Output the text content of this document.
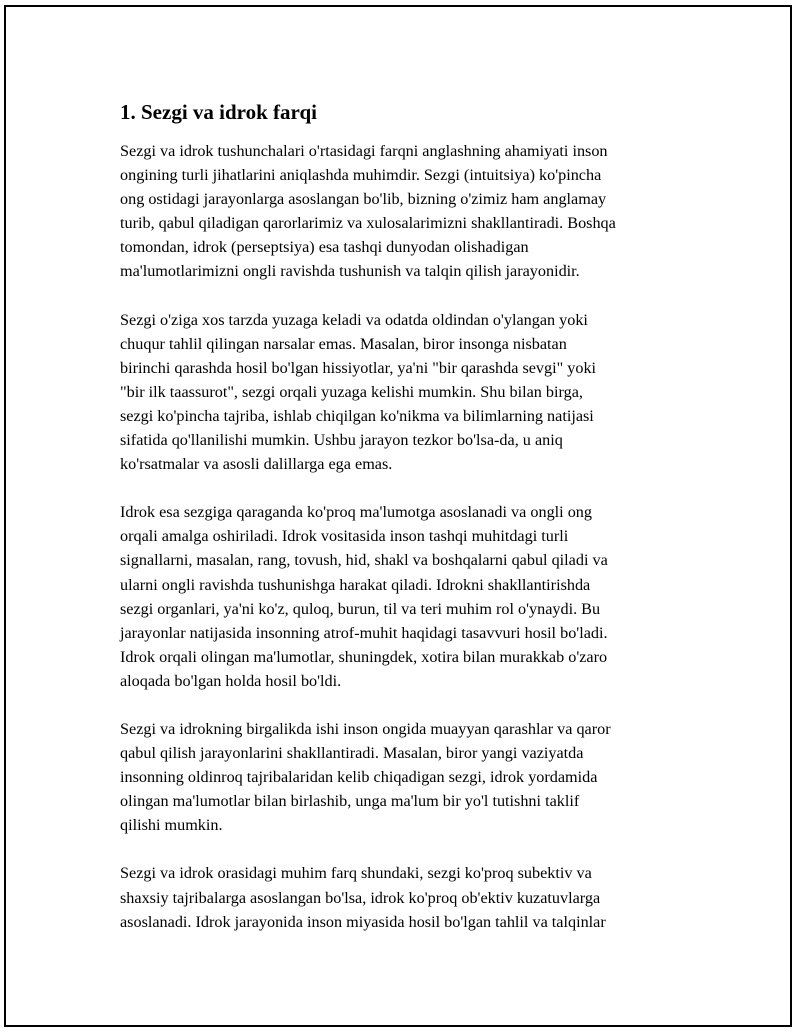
1. Sezgi va idrok farqi
Sezgi va idrok tushunchalari o'rtasidagi farqni anglashning ahamiyati inson
ongining turli jihatlarini aniqlashda muhimdir. Sezgi (intuitsiya) ko'pincha
ong ostidagi jarayonlarga asoslangan bo'lib, bizning o'zimiz ham anglamay
turib, qabul qiladigan qarorlarimiz va xulosalarimizni shakllantiradi. Boshqa
tomondan, idrok (perseptsiya) esa tashqi dunyodan olishadigan
ma'lumotlarimizni ongli ravishda tushunish va talqin qilish jarayonidir.
Sezgi o'ziga xos tarzda yuzaga keladi va odatda oldindan o'ylangan yoki
chuqur tahlil qilingan narsalar emas. Masalan, biror insonga nisbatan
birinchi qarashda hosil bo'lgan hissiyotlar, ya'ni "bir qarashda sevgi" yoki
"bir ilk taassurot", sezgi orqali yuzaga kelishi mumkin. Shu bilan birga,
sezgi ko'pincha tajriba, ishlab chiqilgan ko'nikma va bilimlarning natijasi
sifatida qo'llanilishi mumkin. Ushbu jarayon tezkor bo'lsa-da, u aniq
ko'rsatmalar va asosli dalillarga ega emas.
Idrok esa sezgiga qaraganda ko'proq ma'lumotga asoslanadi va ongli ong
orqali amalga oshiriladi. Idrok vositasida inson tashqi muhitdagi turli
signallarni, masalan, rang, tovush, hid, shakl va boshqalarni qabul qiladi va
ularni ongli ravishda tushunishga harakat qiladi. Idrokni shakllantirishda
sezgi organlari, ya'ni ko'z, quloq, burun, til va teri muhim rol o'ynaydi. Bu
jarayonlar natijasida insonning atrof-muhit haqidagi tasavvuri hosil bo'ladi.
Idrok orqali olingan ma'lumotlar, shuningdek, xotira bilan murakkab o'zaro
aloqada bo'lgan holda hosil bo'ldi.
Sezgi va idrokning birgalikda ishi inson ongida muayyan qarashlar va qaror
qabul qilish jarayonlarini shakllantiradi. Masalan, biror yangi vaziyatda
insonning oldinroq tajribalaridan kelib chiqadigan sezgi, idrok yordamida
olingan ma'lumotlar bilan birlashib, unga ma'lum bir yo'l tutishni taklif
qilishi mumkin.
Sezgi va idrok orasidagi muhim farq shundaki, sezgi ko'proq subektiv va
shaxsiy tajribalarga asoslangan bo'lsa, idrok ko'proq ob'ektiv kuzatuvlarga
asoslanadi. Idrok jarayonida inson miyasida hosil bo'lgan tahlil va talqinlar
